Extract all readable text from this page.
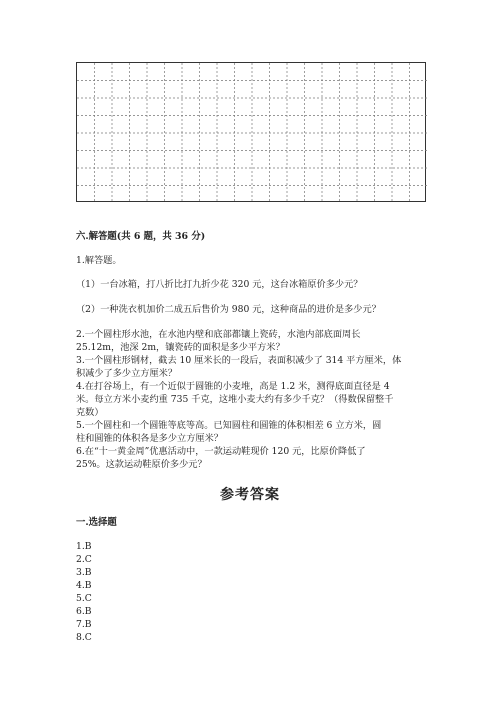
六.解答题(共 6 题，共 36 分)
1.解答题。
（1）一台冰箱，打八折比打九折少花 320 元，这台冰箱原价多少元？
（2）一种洗衣机加价二成五后售价为 980 元，这种商品的进价是多少元？
2.一个圆柱形水池，在水池内壁和底部都镶上瓷砖，水池内部底面周长
25.12m，池深 2m，镶瓷砖的面积是多少平方米？
3.一个圆柱形钢材，截去 10 厘米长的一段后，表面积减少了 314 平方厘米，体
积减少了多少立方厘米？
4.在打谷场上，有一个近似于圆锥的小麦堆，高是 1.2 米，测得底面直径是 4
米。每立方米小麦约重 735 千克，这堆小麦大约有多少千克？（得数保留整千
克数）
5.一个圆柱和一个圆锥等底等高。已知圆柱和圆锥的体积相差 6 立方米，圆
柱和圆锥的体积各是多少立方厘米？
6.在“十一黄金周”优惠活动中，一款运动鞋现价 120 元，比原价降低了
25%。这款运动鞋原价多少元？
参考答案
一.选择题
1.B
2.C
3.B
4.B
5.C
6.B
7.B
8.C
